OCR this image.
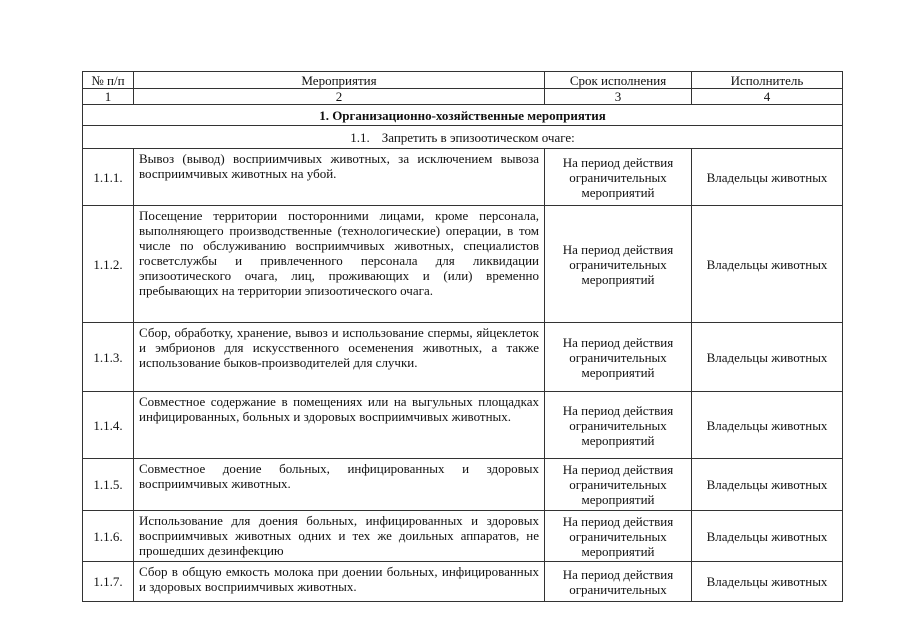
№ п/п	Мероприятия	Срок исполнения	Исполнитель
1	2	3	4
1. Организационно-хозяйственные мероприятия			
1.1. Запретить в эпизоотическом очаге:			
1.1.1.	Вывоз (вывод) восприимчивых животных, за исключением вывоза восприимчивых животных на убой.	На период действия ограничительных мероприятий	Владельцы животных
1.1.2.	Посещение территории посторонними лицами, кроме персонала, выполняющего производственные (технологические) операции, в том числе по обслуживанию восприимчивых животных, специалистов госветслужбы и привлеченного персонала для ликвидации эпизоотического очага, лиц, проживающих и (или) временно пребывающих на территории эпизоотического очага.	На период действия ограничительных мероприятий	Владельцы животных
1.1.3.	Сбор, обработку, хранение, вывоз и использование спермы, яйцеклеток и эмбрионов для искусственного осеменения животных, а также использование быков-производителей для случки.	На период действия ограничительных мероприятий	Владельцы животных
1.1.4.	Совместное содержание в помещениях или на выгульных площадках инфицированных, больных и здоровых восприимчивых животных.	На период действия ограничительных мероприятий	Владельцы животных
1.1.5.	Совместное доение больных, инфицированных и здоровых восприимчивых животных.	На период действия ограничительных мероприятий	Владельцы животных
1.1.6.	Использование для доения больных, инфицированных и здоровых восприимчивых животных одних и тех же доильных аппаратов, не прошедших дезинфекцию	На период действия ограничительных мероприятий	Владельцы животных
1.1.7.	Сбор в общую емкость молока при доении больных, инфицированных и здоровых восприимчивых животных.	На период действия ограничительных	Владельцы животных
